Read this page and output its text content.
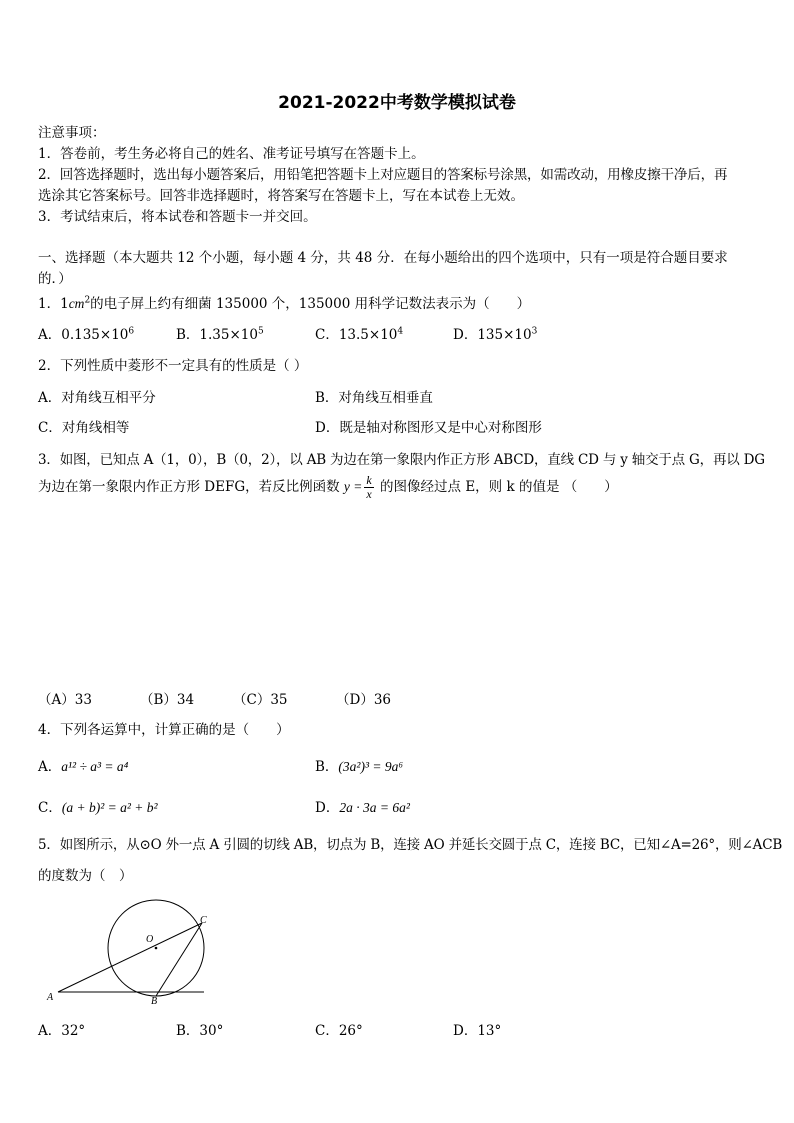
2021-2022中考数学模拟试卷
注意事项：
1．答卷前，考生务必将自己的姓名、准考证号填写在答题卡上。
2．回答选择题时，选出每小题答案后，用铅笔把答题卡上对应题目的答案标号涂黑，如需改动，用橡皮擦干净后，再
选涂其它答案标号。回答非选择题时，将答案写在答题卡上，写在本试卷上无效。
3．考试结束后，将本试卷和答题卡一并交回。
一、选择题（本大题共 12 个小题，每小题 4 分，共 48 分．在每小题给出的四个选项中，只有一项是符合题目要求
的．）
1．$1cm^2$的电子屏上约有细菌 135000 个，135000 用科学记数法表示为（　　）
A．$0.135\times 10^6$	B．$1.35\times 10^5$	C．$13.5\times 10^4$	D．$135\times 10^3$
2．下列性质中菱形不一定具有的性质是（ ）
A．对角线互相平分	B．对角线互相垂直
C．对角线相等	D．既是轴对称图形又是中心对称图形
3．如图，已知点 A（1，0），B（0，2），以 AB 为边在第一象限内作正方形 ABCD，直线 CD 与 y 轴交于点 G，再以 DG
为边在第一象限内作正方形 DEFG，若反比例函数 $y = \frac{k}{x}$ 的图像经过点 E，则 k 的值是 （　　）
（A）33	（B）34	（C）35	（D）36
4．下列各运算中，计算正确的是（　　）
A．a¹² ÷ a³ = a⁴	B．(3a²)³ = 9a⁶
C．(a + b)² = a² + b²	D．2a · 3a = 6a²
5．如图所示，从⊙O 外一点 A 引圆的切线 AB，切点为 B，连接 AO 并延长交圆于点 C，连接 BC，已知∠A=26°，则∠ACB
的度数为（　）
O
C
A	B
A．32°	B．30°	C．26°	D．13°
